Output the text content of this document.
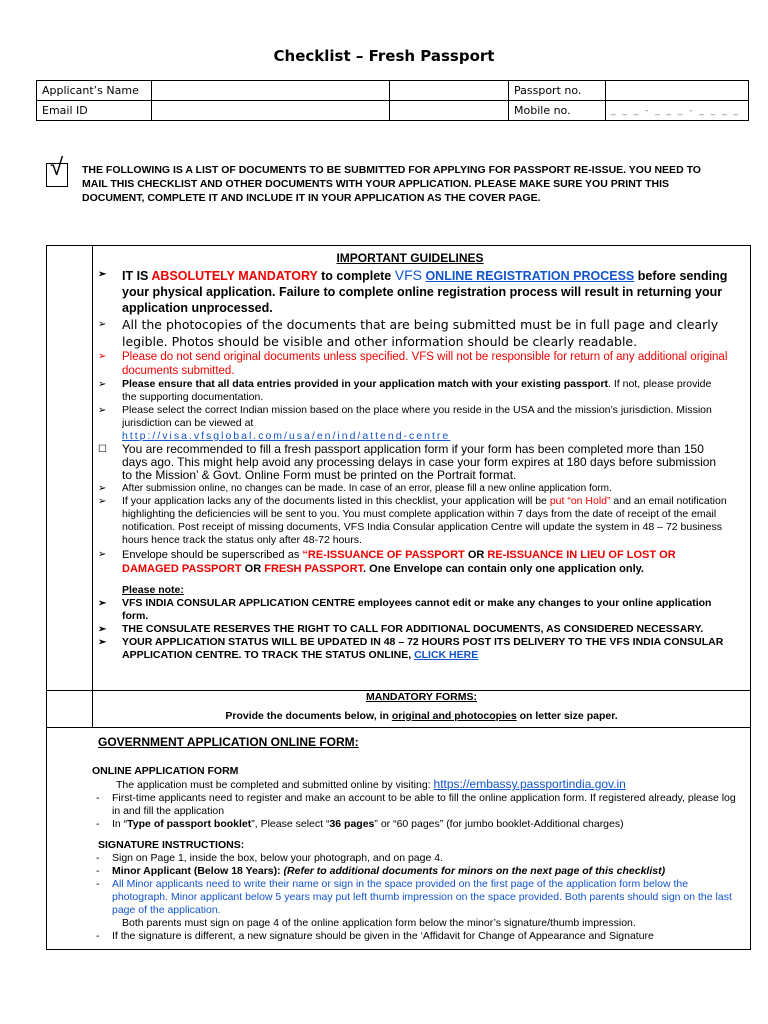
Checklist – Fresh Passport
Applicant’s Name			Passport no.	
Email ID			Mobile no.	_ _ _ - _ _ _ - _ _ _ _
√ THE FOLLOWING IS A LIST OF DOCUMENTS TO BE SUBMITTED FOR APPLYING FOR PASSPORT RE-ISSUE. YOU NEED TO MAIL THIS CHECKLIST AND OTHER DOCUMENTS WITH YOUR APPLICATION. PLEASE MAKE SURE YOU PRINT THIS DOCUMENT, COMPLETE IT AND INCLUDE IT IN YOUR APPLICATION AS THE COVER PAGE.
IMPORTANT GUIDELINES
➢ IT IS ABSOLUTELY MANDATORY to complete VFS ONLINE REGISTRATION PROCESS before sending your physical application. Failure to complete online registration process will result in returning your application unprocessed.
➢ All the photocopies of the documents that are being submitted must be in full page and clearly legible. Photos should be visible and other information should be clearly readable.
➢ Please do not send original documents unless specified. VFS will not be responsible for return of any additional original documents submitted.
➢ Please ensure that all data entries provided in your application match with your existing passport. If not, please provide the supporting documentation.
➢ Please select the correct Indian mission based on the place where you reside in the USA and the mission’s jurisdiction. Mission jurisdiction can be viewed at
http://visa.vfsglobal.com/usa/en/ind/attend-centre
☐ You are recommended to fill a fresh passport application form if your form has been completed more than 150 days ago. This might help avoid any processing delays in case your form expires at 180 days before submission to the Mission’ & Govt. Online Form must be printed on the Portrait format.
➢ After submission online, no changes can be made. In case of an error, please fill a new online application form.
➢ If your application lacks any of the documents listed in this checklist, your application will be put “on Hold” and an email notification highlighting the deficiencies will be sent to you. You must complete application within 7 days from the date of receipt of the email notification. Post receipt of missing documents, VFS India Consular application Centre will update the system in 48 – 72 business hours hence track the status only after 48-72 hours.
➢ Envelope should be superscribed as “RE-ISSUANCE OF PASSPORT OR RE-ISSUANCE IN LIEU OF LOST OR DAMAGED PASSPORT OR FRESH PASSPORT. One Envelope can contain only one application only.
Please note:
➢ VFS INDIA CONSULAR APPLICATION CENTRE employees cannot edit or make any changes to your online application form.
➢ THE CONSULATE RESERVES THE RIGHT TO CALL FOR ADDITIONAL DOCUMENTS, AS CONSIDERED NECESSARY.
➢ YOUR APPLICATION STATUS WILL BE UPDATED IN 48 – 72 HOURS POST ITS DELIVERY TO THE VFS INDIA CONSULAR APPLICATION CENTRE. TO TRACK THE STATUS ONLINE, CLICK HERE
MANDATORY FORMS:
Provide the documents below, in original and photocopies on letter size paper.
GOVERNMENT APPLICATION ONLINE FORM:
ONLINE APPLICATION FORM
The application must be completed and submitted online by visiting: https://embassy.passportindia.gov.in
- First-time applicants need to register and make an account to be able to fill the online application form. If registered already, please log in and fill the application
- In “Type of passport booklet”, Please select “36 pages” or “60 pages” (for jumbo booklet-Additional charges)
SIGNATURE INSTRUCTIONS:
- Sign on Page 1, inside the box, below your photograph, and on page 4.
- Minor Applicant (Below 18 Years): (Refer to additional documents for minors on the next page of this checklist)
- All Minor applicants need to write their name or sign in the space provided on the first page of the application form below the photograph. Minor applicant below 5 years may put left thumb impression on the space provided. Both parents should sign on the last page of the application.
Both parents must sign on page 4 of the online application form below the minor’s signature/thumb impression.
- If the signature is different, a new signature should be given in the ‘Affidavit for Change of Appearance and Signature
